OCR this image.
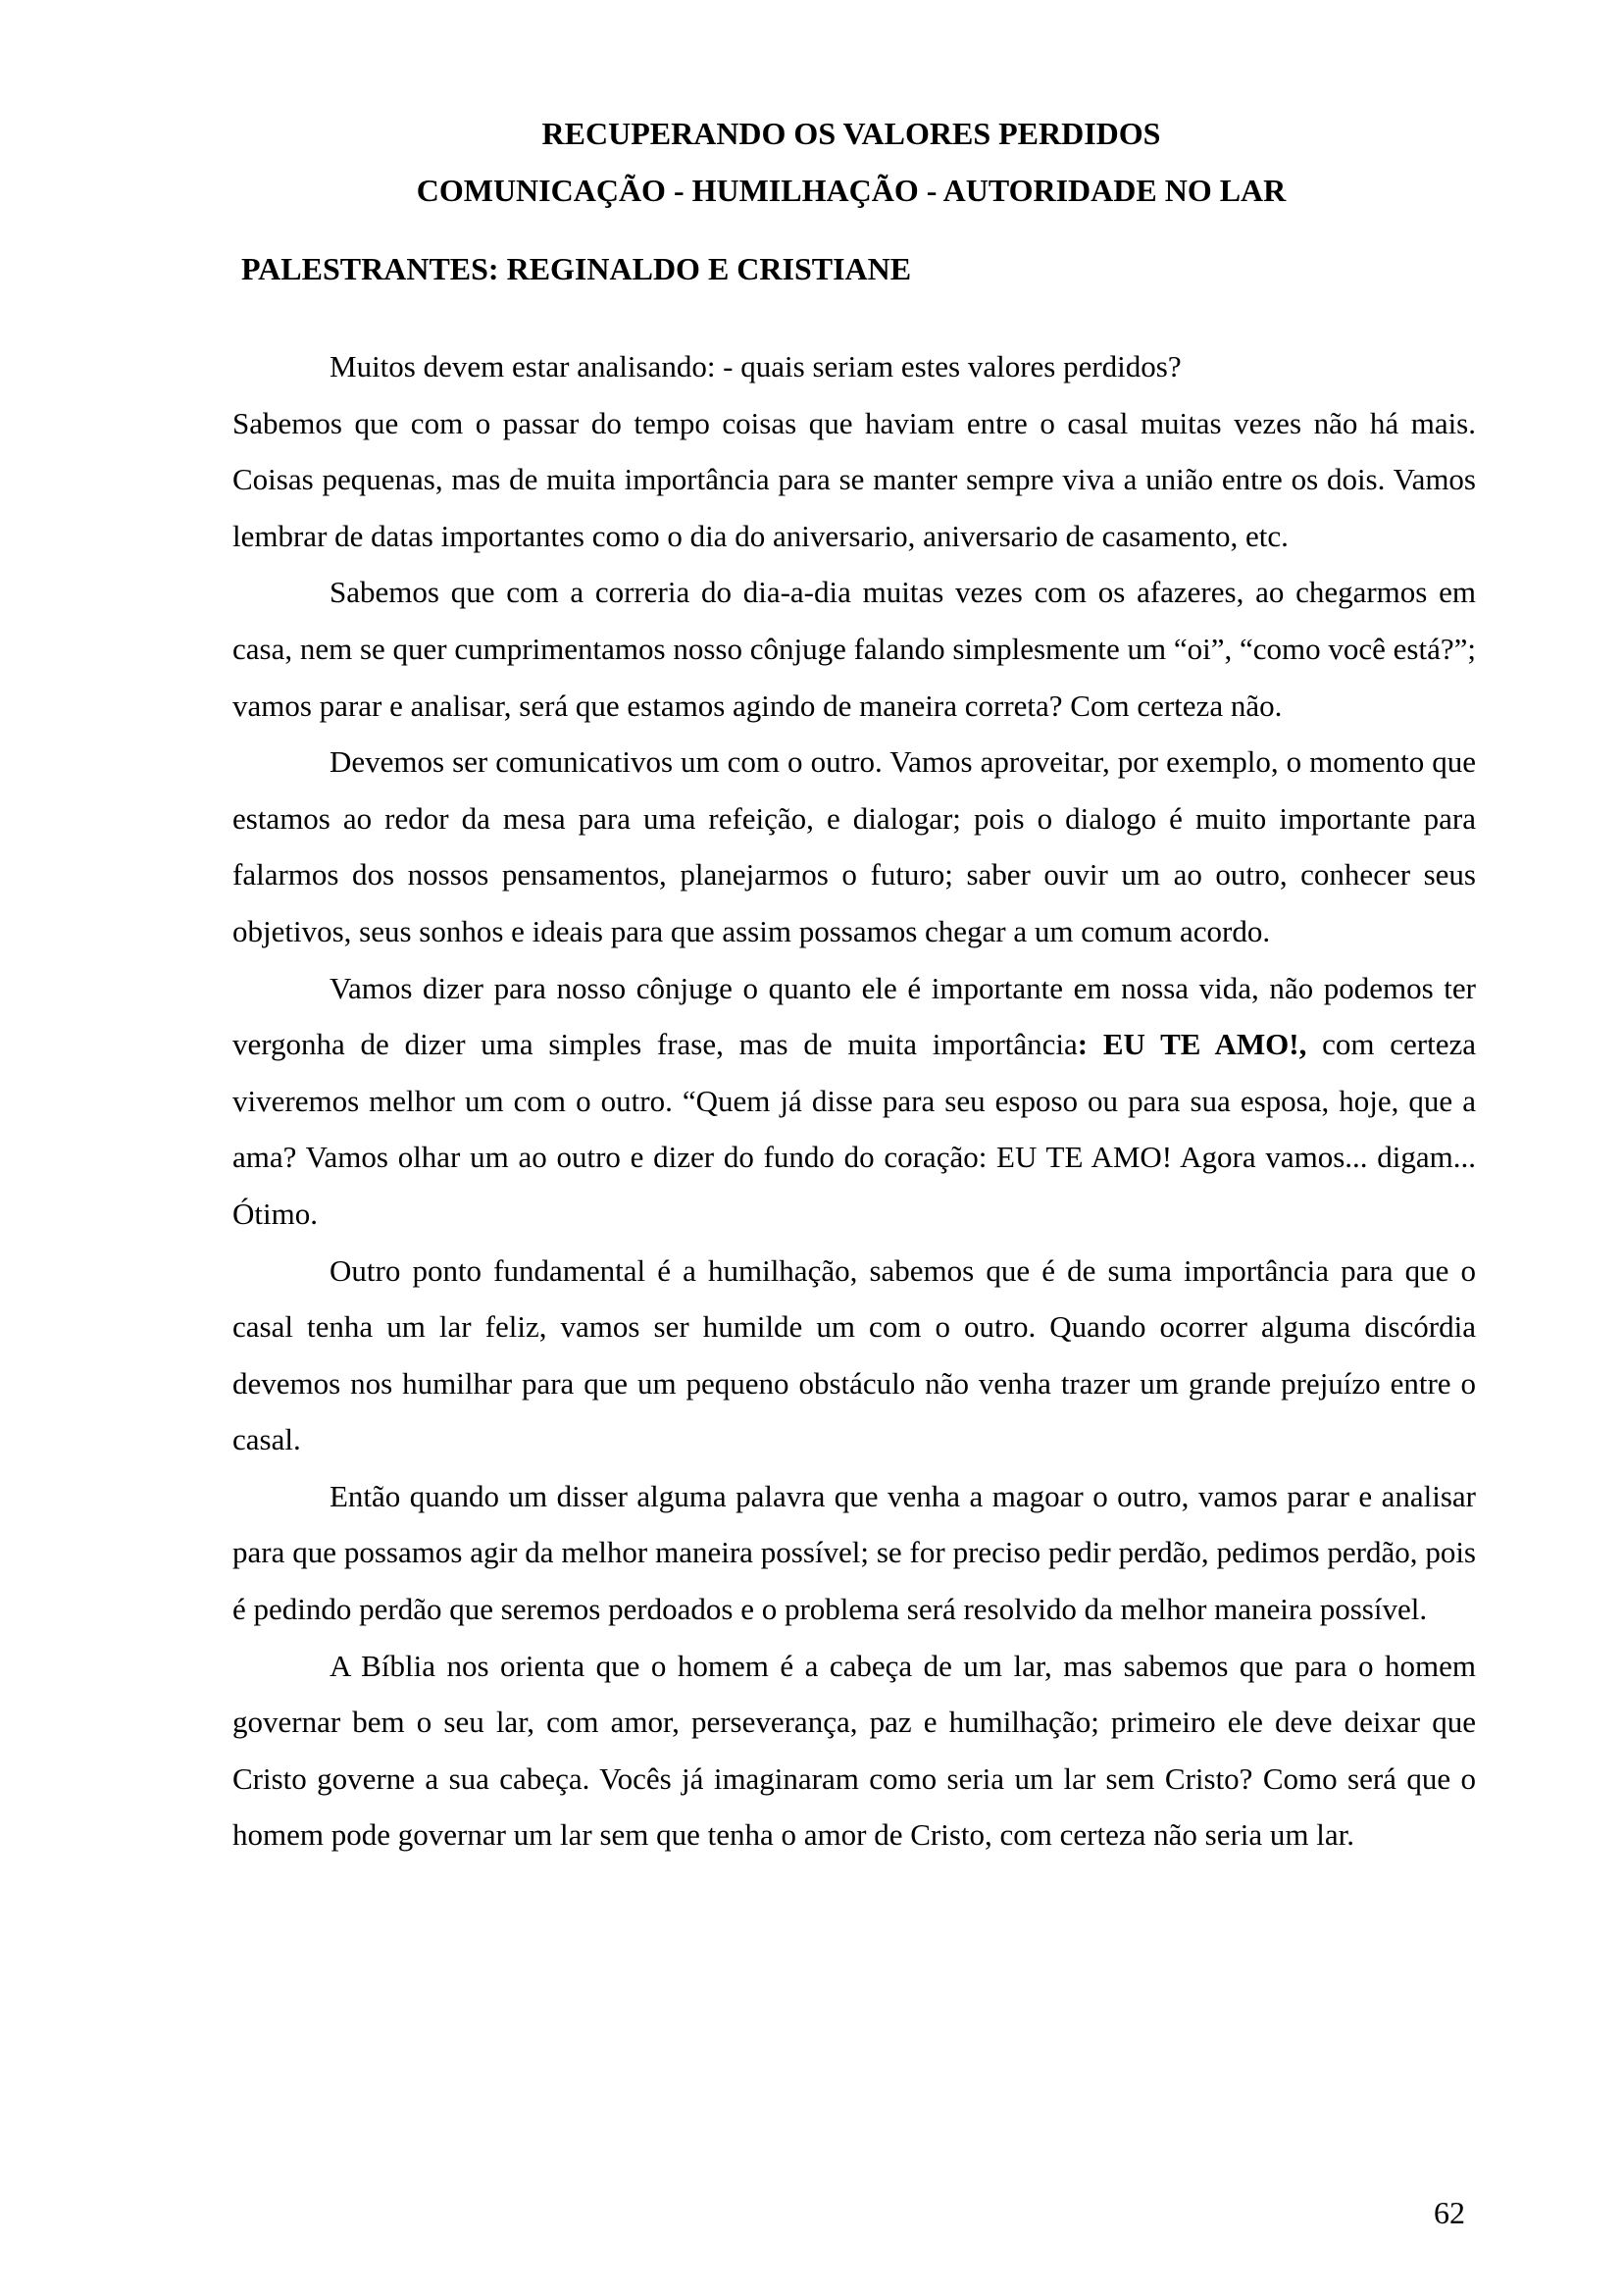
RECUPERANDO OS VALORES PERDIDOS
COMUNICAÇÃO - HUMILHAÇÃO - AUTORIDADE NO LAR

PALESTRANTES: REGINALDO E CRISTIANE

Muitos devem estar analisando: - quais seriam estes valores perdidos?

Sabemos que com o passar do tempo coisas que haviam entre o casal muitas vezes não há mais. Coisas pequenas, mas de muita importância para se manter sempre viva a união entre os dois. Vamos lembrar de datas importantes como o dia do aniversario, aniversario de casamento, etc.

Sabemos que com a correria do dia-a-dia muitas vezes com os afazeres, ao chegarmos em casa, nem se quer cumprimentamos nosso cônjuge falando simplesmente um “oi”, “como você está?”; vamos parar e analisar, será que estamos agindo de maneira correta? Com certeza não.

Devemos ser comunicativos um com o outro. Vamos aproveitar, por exemplo, o momento que estamos ao redor da mesa para uma refeição, e dialogar; pois o dialogo é muito importante para falarmos dos nossos pensamentos, planejarmos o futuro; saber ouvir um ao outro, conhecer seus objetivos, seus sonhos e ideais para que assim possamos chegar a um comum acordo.

Vamos dizer para nosso cônjuge o quanto ele é importante em nossa vida, não podemos ter vergonha de dizer uma simples frase, mas de muita importância: EU TE AMO!, com certeza viveremos melhor um com o outro. “Quem já disse para seu esposo ou para sua esposa, hoje, que a ama? Vamos olhar um ao outro e dizer do fundo do coração: EU TE AMO! Agora vamos... digam... Ótimo.

Outro ponto fundamental é a humilhação, sabemos que é de suma importância para que o casal tenha um lar feliz, vamos ser humilde um com o outro. Quando ocorrer alguma discórdia devemos nos humilhar para que um pequeno obstáculo não venha trazer um grande prejuízo entre o casal.

Então quando um disser alguma palavra que venha a magoar o outro, vamos parar e analisar para que possamos agir da melhor maneira possível; se for preciso pedir perdão, pedimos perdão, pois é pedindo perdão que seremos perdoados e o problema será resolvido da melhor maneira possível.

A Bíblia nos orienta que o homem é a cabeça de um lar, mas sabemos que para o homem governar bem o seu lar, com amor, perseverança, paz e humilhação; primeiro ele deve deixar que Cristo governe a sua cabeça. Vocês já imaginaram como seria um lar sem Cristo? Como será que o homem pode governar um lar sem que tenha o amor de Cristo, com certeza não seria um lar.

62
